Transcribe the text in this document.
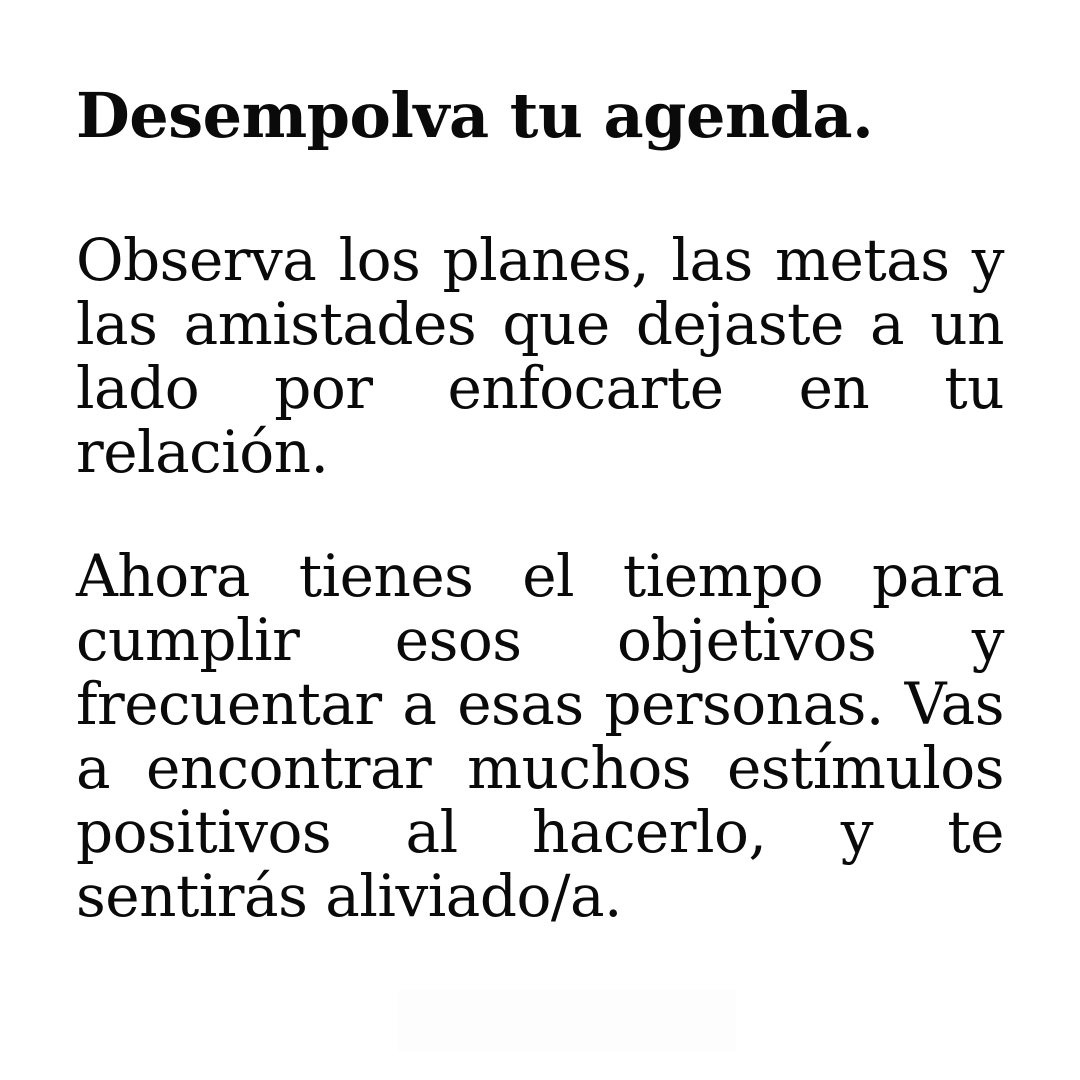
Desempolva tu agenda.

Observa los planes, las metas y
las amistades que dejaste a un
lado por enfocarte en tu
relación.

Ahora tienes el tiempo para
cumplir esos objetivos y
frecuentar a esas personas. Vas
a encontrar muchos estímulos
positivos al hacerlo, y te
sentirás aliviado/a.
